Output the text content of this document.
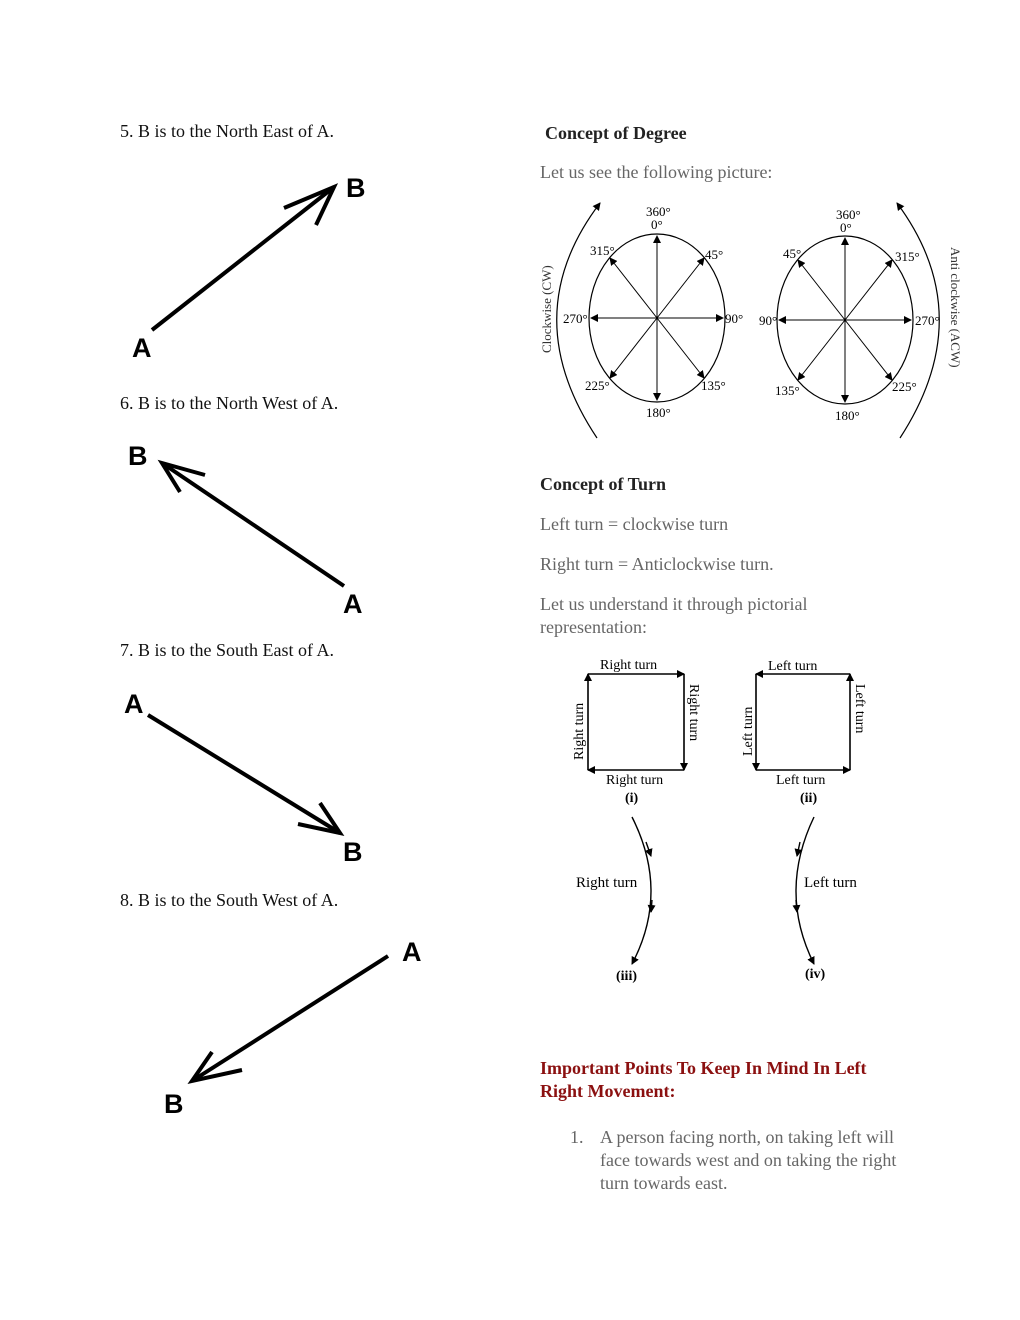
5. B is to the North East of A.
A
B
6. B is to the North West of A.
B
A
7. B is to the South East of A.
A
B
8. B is to the South West of A.
A
B
Concept of Degree
Let us see the following picture:
360°
0°
45°
90°
135°
180°
225°
270°
315°
Clockwise (CW)
360°
0°
45°
90°
135°
180°
225°
270°
315° Anti clockwise (ACW)
Concept of Turn
Left turn = clockwise turn
Right turn = Anticlockwise turn.
Let us understand it through pictorial representation:
Right turn
Right turn
Right turn	Right turn
(i)
Left turn
Left turn
Left turn	Left turn
(ii)
Right turn
(iii)
Left turn
(iv)
Important Points To Keep In Mind In Left Right Movement:
1. A person facing north, on taking left will face towards west and on taking the right turn towards east.
